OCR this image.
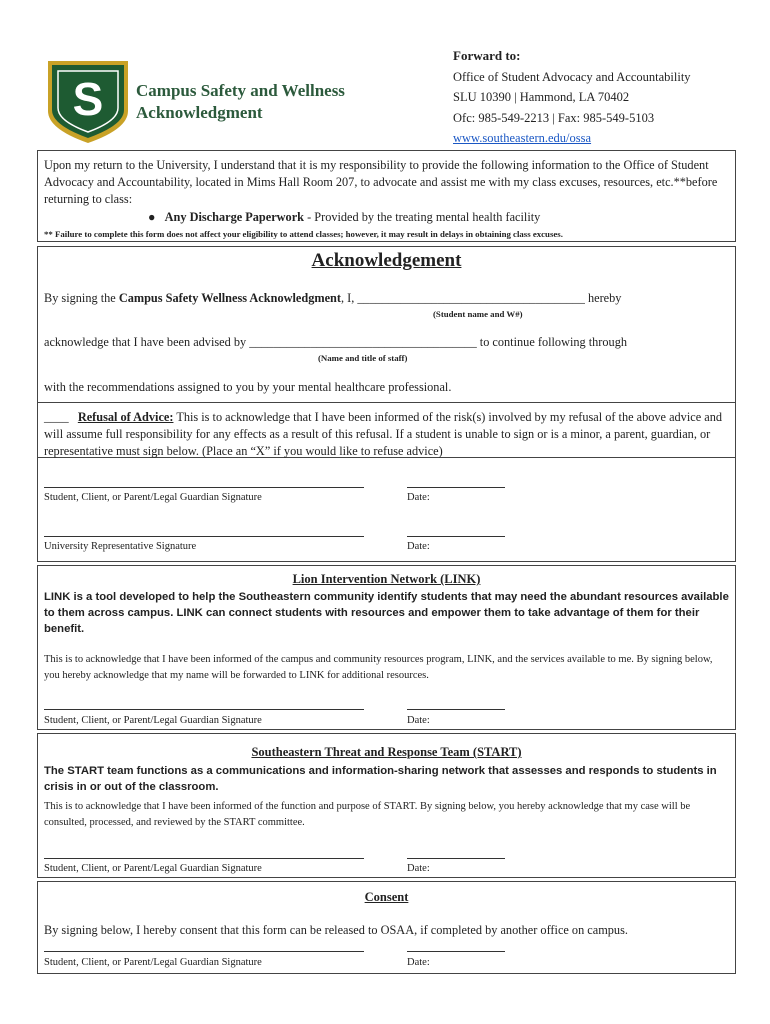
S Campus Safety and Wellness
Acknowledgment
Forward to:
Office of Student Advocacy and Accountability
SLU 10390 | Hammond, LA 70402
Ofc: 985-549-2213 | Fax: 985-549-5103
www.southeastern.edu/ossa
Upon my return to the University, I understand that it is my responsibility to provide the following information to the Office of Student Advocacy and Accountability, located in Mims Hall Room 207, to advocate and assist me with my class excuses, resources, etc.**before returning to class:
●   Any Discharge Paperwork - Provided by the treating mental health facility
** Failure to complete this form does not affect your eligibility to attend classes; however, it may result in delays in obtaining class excuses.
Acknowledgement
By signing the Campus Safety Wellness Acknowledgment, I, _____________________________________ hereby
(Student name and W#)
acknowledge that I have been advised by _____________________________________ to continue following through
(Name and title of staff)
with the recommendations assigned to you by your mental healthcare professional.
____ Refusal of Advice: This is to acknowledge that I have been informed of the risk(s) involved by my refusal of the above advice and will assume full responsibility for any effects as a result of this refusal. If a student is unable to sign or is a minor, a parent, guardian, or representative must sign below. (Place an “X” if you would like to refuse advice)
Student, Client, or Parent/Legal Guardian Signature	Date:
University Representative Signature	Date:
Lion Intervention Network (LINK)
LINK is a tool developed to help the Southeastern community identify students that may need the abundant resources available to them across campus. LINK can connect students with resources and empower them to take advantage of them for their benefit.
This is to acknowledge that I have been informed of the campus and community resources program, LINK, and the services available to me. By signing below, you hereby acknowledge that my name will be forwarded to LINK for additional resources.
Student, Client, or Parent/Legal Guardian Signature	Date:
Southeastern Threat and Response Team (START)
The START team functions as a communications and information-sharing network that assesses and responds to students in crisis in or out of the classroom.
This is to acknowledge that I have been informed of the function and purpose of START. By signing below, you hereby acknowledge that my case will be consulted, processed, and reviewed by the START committee.
Student, Client, or Parent/Legal Guardian Signature	Date:
Consent
By signing below, I hereby consent that this form can be released to OSAA, if completed by another office on campus.
Student, Client, or Parent/Legal Guardian Signature	Date:
